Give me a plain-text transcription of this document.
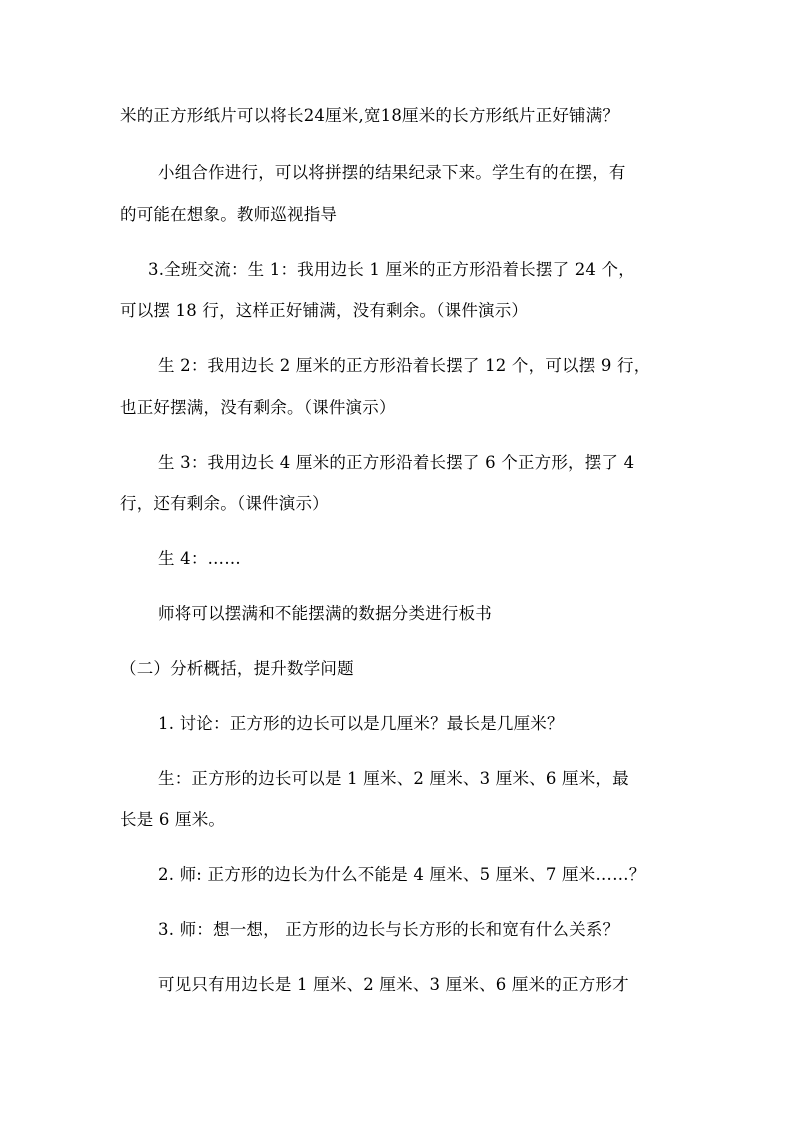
米的正方形纸片可以将长24厘米,宽18厘米的长方形纸片正好铺满？
小组合作进行，可以将拼摆的结果纪录下来。学生有的在摆，有
的可能在想象。教师巡视指导
3.全班交流：生 1：我用边长 1 厘米的正方形沿着长摆了 24 个，
可以摆 18 行，这样正好铺满，没有剩余。（课件演示）
生 2：我用边长 2 厘米的正方形沿着长摆了 12 个，可以摆 9 行，
也正好摆满，没有剩余。（课件演示）
生 3：我用边长 4 厘米的正方形沿着长摆了 6 个正方形，摆了 4
行，还有剩余。（课件演示）
生 4：……
师将可以摆满和不能摆满的数据分类进行板书
（二）分析概括，提升数学问题
1. 讨论：正方形的边长可以是几厘米？最长是几厘米？
生：正方形的边长可以是 1 厘米、2 厘米、3 厘米、6 厘米，最
长是 6 厘米。
2. 师: 正方形的边长为什么不能是 4 厘米、5 厘米、7 厘米……？
3. 师：想一想， 正方形的边长与长方形的长和宽有什么关系？
可见只有用边长是 1 厘米、2 厘米、3 厘米、6 厘米的正方形才
